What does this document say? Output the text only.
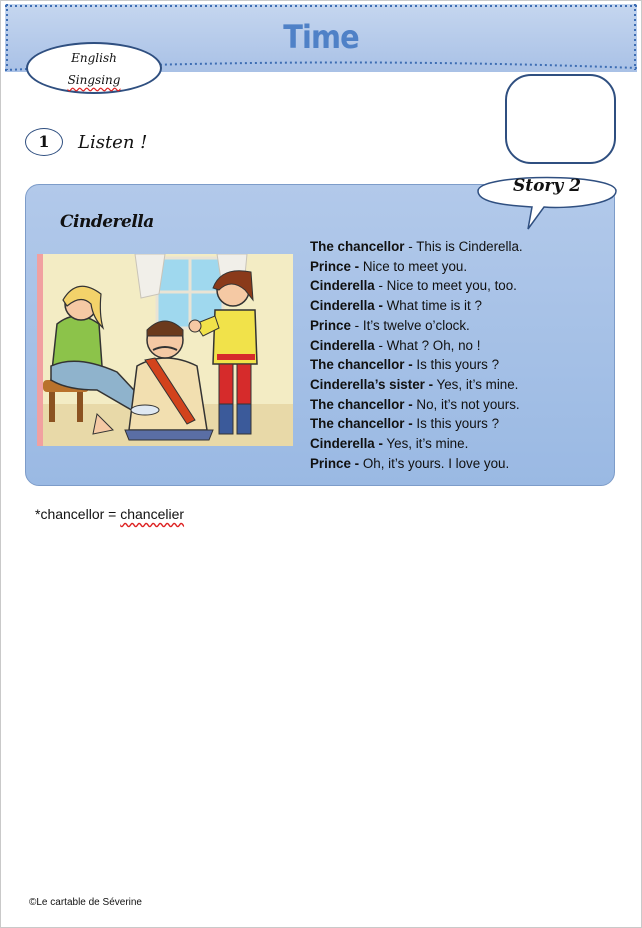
Time
English
Singsing
1	Listen !
Story 2
Cinderella
The chancellor - This is Cinderella.
Prince - Nice to meet you.
Cinderella - Nice to meet you, too.
Cinderella - What time is it ?
Prince - It’s twelve o’clock.
Cinderella - What ? Oh, no !
The chancellor - Is this yours ?
Cinderella’s sister - Yes, it’s mine.
The chancellor - No, it’s not yours.
The chancellor - Is this yours ?
Cinderella - Yes, it’s mine.
Prince - Oh, it’s yours. I love you.
*chancellor = chancelier
©Le cartable de Séverine
